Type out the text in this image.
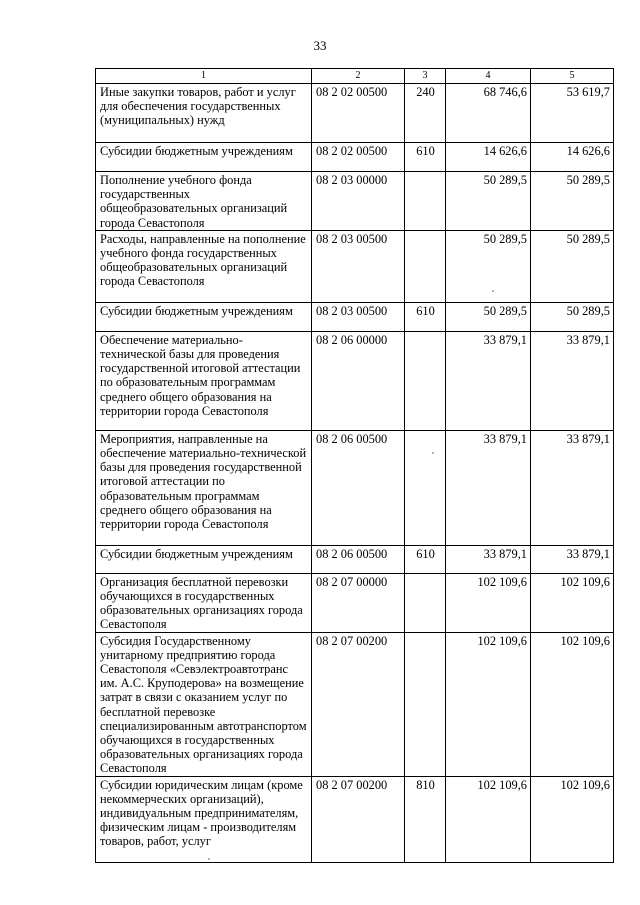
33
1	2	3	4	5
Иные закупки товаров, работ и услуг для обеспечения государственных (муниципальных) нужд	08 2 02 00500	240	68 746,6	53 619,7
Субсидии бюджетным учреждениям	08 2 02 00500	610	14 626,6	14 626,6
Пополнение учебного фонда государственных общеобразовательных организаций города Севастополя	08 2 03 00000		50 289,5	50 289,5
Расходы, направленные на пополнение учебного фонда государственных общеобразовательных организаций города Севастополя	08 2 03 00500		50 289,5	50 289,5
Субсидии бюджетным учреждениям	08 2 03 00500	610	50 289,5	50 289,5
Обеспечение материально-технической базы для проведения государственной итоговой аттестации по образовательным программам среднего общего образования на территории города Севастополя	08 2 06 00000		33 879,1	33 879,1
Мероприятия, направленные на обеспечение материально-технической базы для проведения государственной итоговой аттестации по образовательным программам среднего общего образования на территории города Севастополя	08 2 06 00500		33 879,1	33 879,1
Субсидии бюджетным учреждениям	08 2 06 00500	610	33 879,1	33 879,1
Организация бесплатной перевозки обучающихся в государственных образовательных организациях города Севастополя	08 2 07 00000		102 109,6	102 109,6
Субсидия Государственному унитарному предприятию города Севастополя «Севэлектроавтотранс им. А.С. Круподерова» на возмещение затрат в связи с оказанием услуг по бесплатной перевозке специализированным автотранспортом обучающихся в государственных образовательных организациях города Севастополя	08 2 07 00200		102 109,6	102 109,6
Субсидии юридическим лицам (кроме некоммерческих организаций), индивидуальным предпринимателям, физическим лицам - производителям товаров, работ, услуг	08 2 07 00200	810	102 109,6	102 109,6
